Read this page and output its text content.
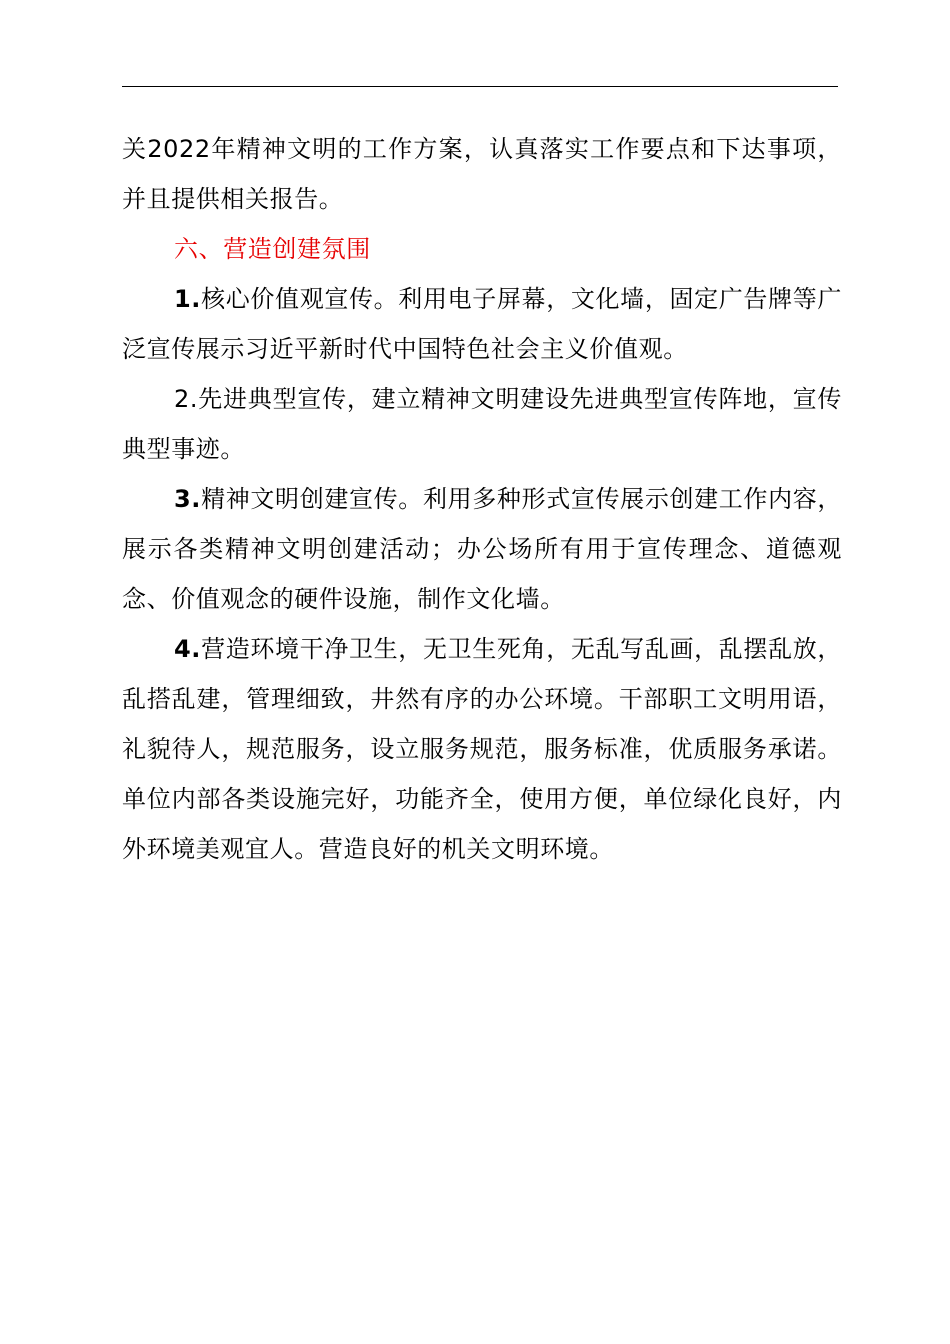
关2022年精神文明的工作方案，认真落实工作要点和下达事项，并且提供相关报告。

六、营造创建氛围

1.核心价值观宣传。利用电子屏幕，文化墙，固定广告牌等广泛宣传展示习近平新时代中国特色社会主义价值观。

2.先进典型宣传，建立精神文明建设先进典型宣传阵地，宣传典型事迹。

3.精神文明创建宣传。利用多种形式宣传展示创建工作内容，展示各类精神文明创建活动；办公场所有用于宣传理念、道德观念、价值观念的硬件设施，制作文化墙。

4.营造环境干净卫生，无卫生死角，无乱写乱画，乱摆乱放，乱搭乱建，管理细致，井然有序的办公环境。干部职工文明用语，礼貌待人，规范服务，设立服务规范，服务标准，优质服务承诺。单位内部各类设施完好，功能齐全，使用方便，单位绿化良好，内外环境美观宜人。营造良好的机关文明环境。
